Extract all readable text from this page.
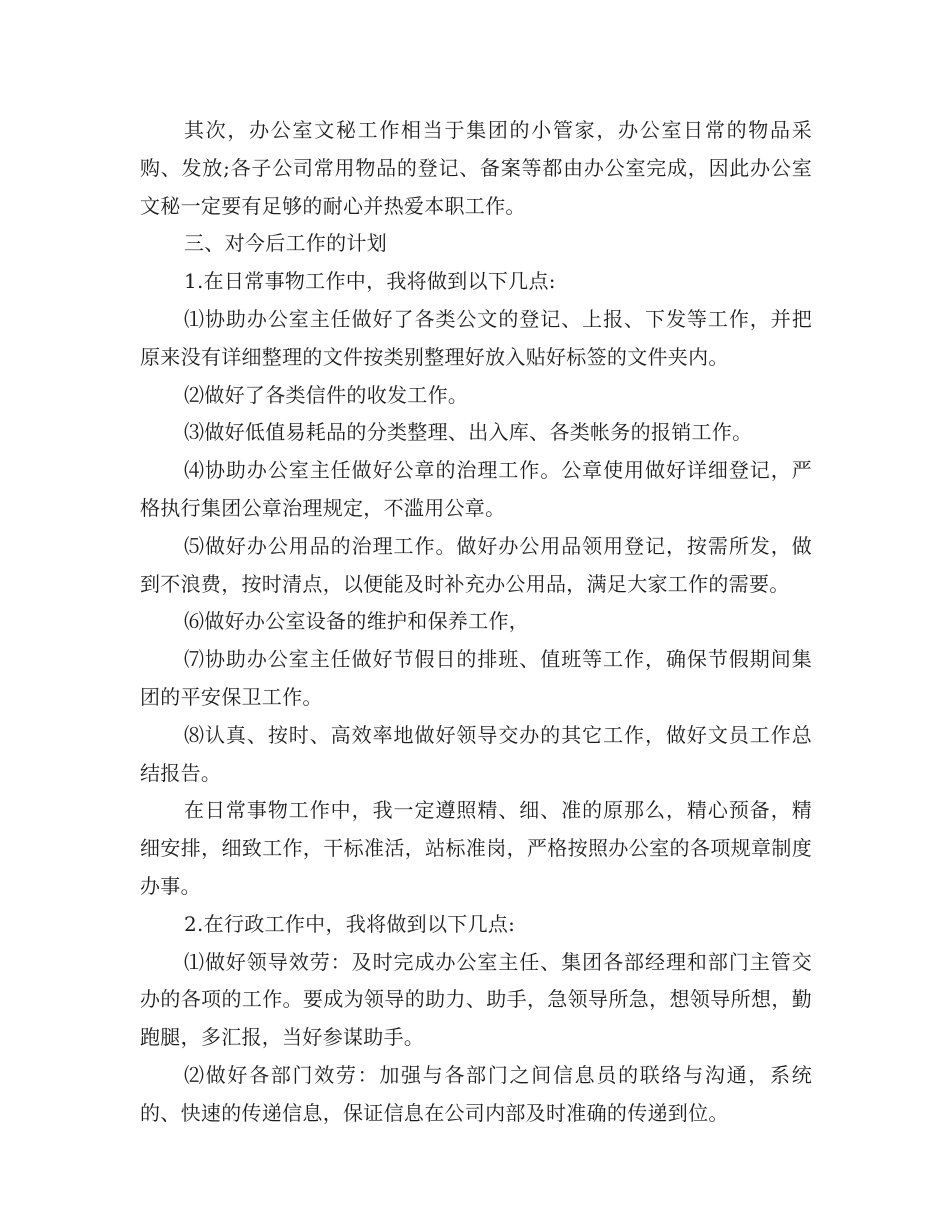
其次，办公室文秘工作相当于集团的小管家，办公室日常的物品采购、发放;各子公司常用物品的登记、备案等都由办公室完成，因此办公室文秘一定要有足够的耐心并热爱本职工作。

三、对今后工作的计划

1.在日常事物工作中，我将做到以下几点:

⑴协助办公室主任做好了各类公文的登记、上报、下发等工作，并把原来没有详细整理的文件按类别整理好放入贴好标签的文件夹内。

⑵做好了各类信件的收发工作。

⑶做好低值易耗品的分类整理、出入库、各类帐务的报销工作。

⑷协助办公室主任做好公章的治理工作。公章使用做好详细登记，严格执行集团公章治理规定，不滥用公章。

⑸做好办公用品的治理工作。做好办公用品领用登记，按需所发，做到不浪费，按时清点，以便能及时补充办公用品，满足大家工作的需要。

⑹做好办公室设备的维护和保养工作，

⑺协助办公室主任做好节假日的排班、值班等工作，确保节假期间集团的平安保卫工作。

⑻认真、按时、高效率地做好领导交办的其它工作，做好文员工作总结报告。

在日常事物工作中，我一定遵照精、细、准的原那么，精心预备，精细安排，细致工作，干标准活，站标准岗，严格按照办公室的各项规章制度办事。

2.在行政工作中，我将做到以下几点:

⑴做好领导效劳：及时完成办公室主任、集团各部经理和部门主管交办的各项的工作。要成为领导的助力、助手，急领导所急，想领导所想，勤跑腿，多汇报，当好参谋助手。

⑵做好各部门效劳：加强与各部门之间信息员的联络与沟通，系统的、快速的传递信息，保证信息在公司内部及时准确的传递到位。
